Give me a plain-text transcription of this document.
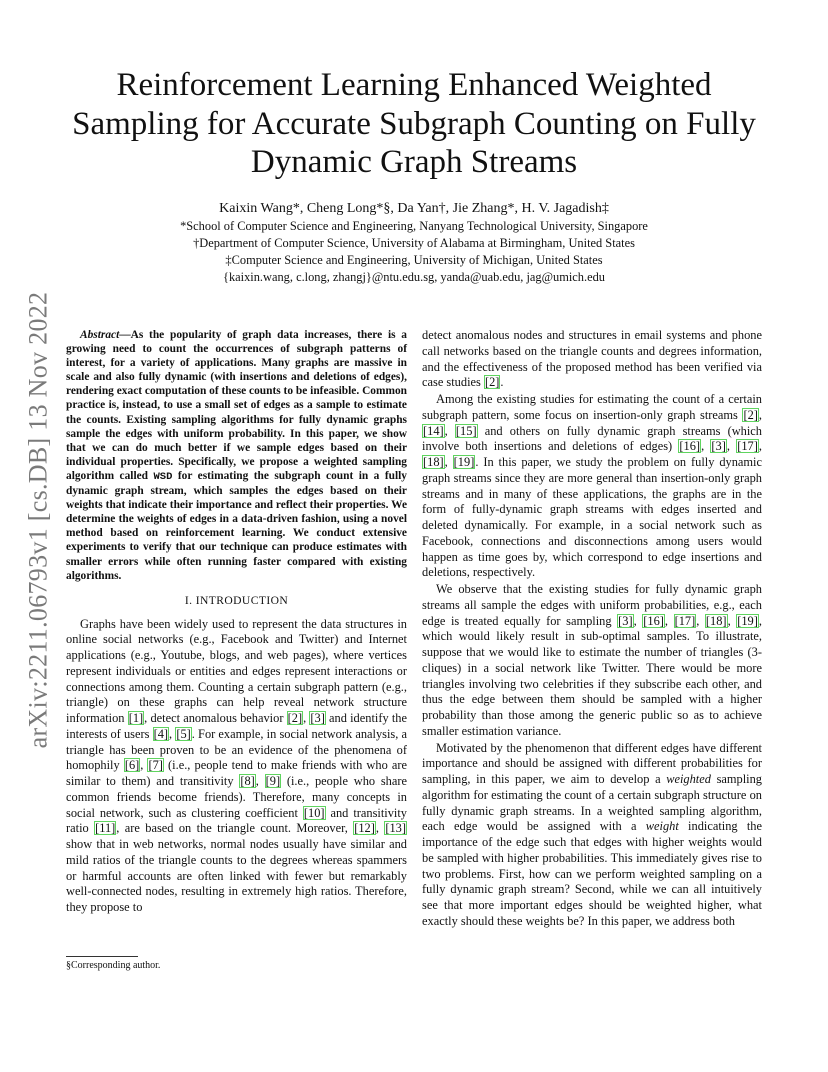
arXiv:2211.06793v1 [cs.DB] 13 Nov 2022
Reinforcement Learning Enhanced Weighted Sampling for Accurate Subgraph Counting on Fully Dynamic Graph Streams
Kaixin Wang*, Cheng Long*§, Da Yan†, Jie Zhang*, H. V. Jagadish‡
*School of Computer Science and Engineering, Nanyang Technological University, Singapore
†Department of Computer Science, University of Alabama at Birmingham, United States
‡Computer Science and Engineering, University of Michigan, United States
{kaixin.wang, c.long, zhangj}@ntu.edu.sg, yanda@uab.edu, jag@umich.edu

Abstract—As the popularity of graph data increases, there is a growing need to count the occurrences of subgraph patterns of interest, for a variety of applications. Many graphs are massive in scale and also fully dynamic (with insertions and deletions of edges), rendering exact computation of these counts to be infeasible. Common practice is, instead, to use a small set of edges as a sample to estimate the counts. Existing sampling algorithms for fully dynamic graphs sample the edges with uniform probability. In this paper, we show that we can do much better if we sample edges based on their individual properties. Specifically, we propose a weighted sampling algorithm called WSD for estimating the subgraph count in a fully dynamic graph stream, which samples the edges based on their weights that indicate their importance and reflect their properties. We determine the weights of edges in a data-driven fashion, using a novel method based on reinforcement learning. We conduct extensive experiments to verify that our technique can produce estimates with smaller errors while often running faster compared with existing algorithms.

I. INTRODUCTION

Graphs have been widely used to represent the data structures in online social networks (e.g., Facebook and Twitter) and Internet applications (e.g., Youtube, blogs, and web pages), where vertices represent individuals or entities and edges represent interactions or connections among them. Counting a certain subgraph pattern (e.g., triangle) on these graphs can help reveal network structure information [1], detect anomalous behavior [2], [3] and identify the interests of users [4], [5]. For example, in social network analysis, a triangle has been proven to be an evidence of the phenomena of homophily [6], [7] (i.e., people tend to make friends with who are similar to them) and transitivity [8], [9] (i.e., people who share common friends become friends). Therefore, many concepts in social network, such as clustering coefficient [10] and transitivity ratio [11], are based on the triangle count. Moreover, [12], [13] show that in web networks, normal nodes usually have similar and mild ratios of the triangle counts to the degrees whereas spammers or harmful accounts are often linked with fewer but remarkably well-connected nodes, resulting in extremely high ratios. Therefore, they propose to

detect anomalous nodes and structures in email systems and phone call networks based on the triangle counts and degrees information, and the effectiveness of the proposed method has been verified via case studies [2].

Among the existing studies for estimating the count of a certain subgraph pattern, some focus on insertion-only graph streams [2], [14], [15] and others on fully dynamic graph streams (which involve both insertions and deletions of edges) [16], [3], [17], [18], [19]. In this paper, we study the problem on fully dynamic graph streams since they are more general than insertion-only graph streams and in many of these applications, the graphs are in the form of fully-dynamic graph streams with edges inserted and deleted dynamically. For example, in a social network such as Facebook, connections and disconnections among users would happen as time goes by, which correspond to edge insertions and deletions, respectively.

We observe that the existing studies for fully dynamic graph streams all sample the edges with uniform probabilities, e.g., each edge is treated equally for sampling [3], [16], [17], [18], [19], which would likely result in sub-optimal samples. To illustrate, suppose that we would like to estimate the number of triangles (3-cliques) in a social network like Twitter. There would be more triangles involving two celebrities if they subscribe each other, and thus the edge between them should be sampled with a higher probability than those among the generic public so as to achieve smaller estimation variance.

Motivated by the phenomenon that different edges have different importance and should be assigned with different probabilities for sampling, in this paper, we aim to develop a weighted sampling algorithm for estimating the count of a certain subgraph structure on fully dynamic graph streams. In a weighted sampling algorithm, each edge would be assigned with a weight indicating the importance of the edge such that edges with higher weights would be sampled with higher probabilities. This immediately gives rise to two problems. First, how can we perform weighted sampling on a fully dynamic graph stream? Second, while we can all intuitively see that more important edges should be weighted higher, what exactly should these weights be? In this paper, we address both

§Corresponding author.
